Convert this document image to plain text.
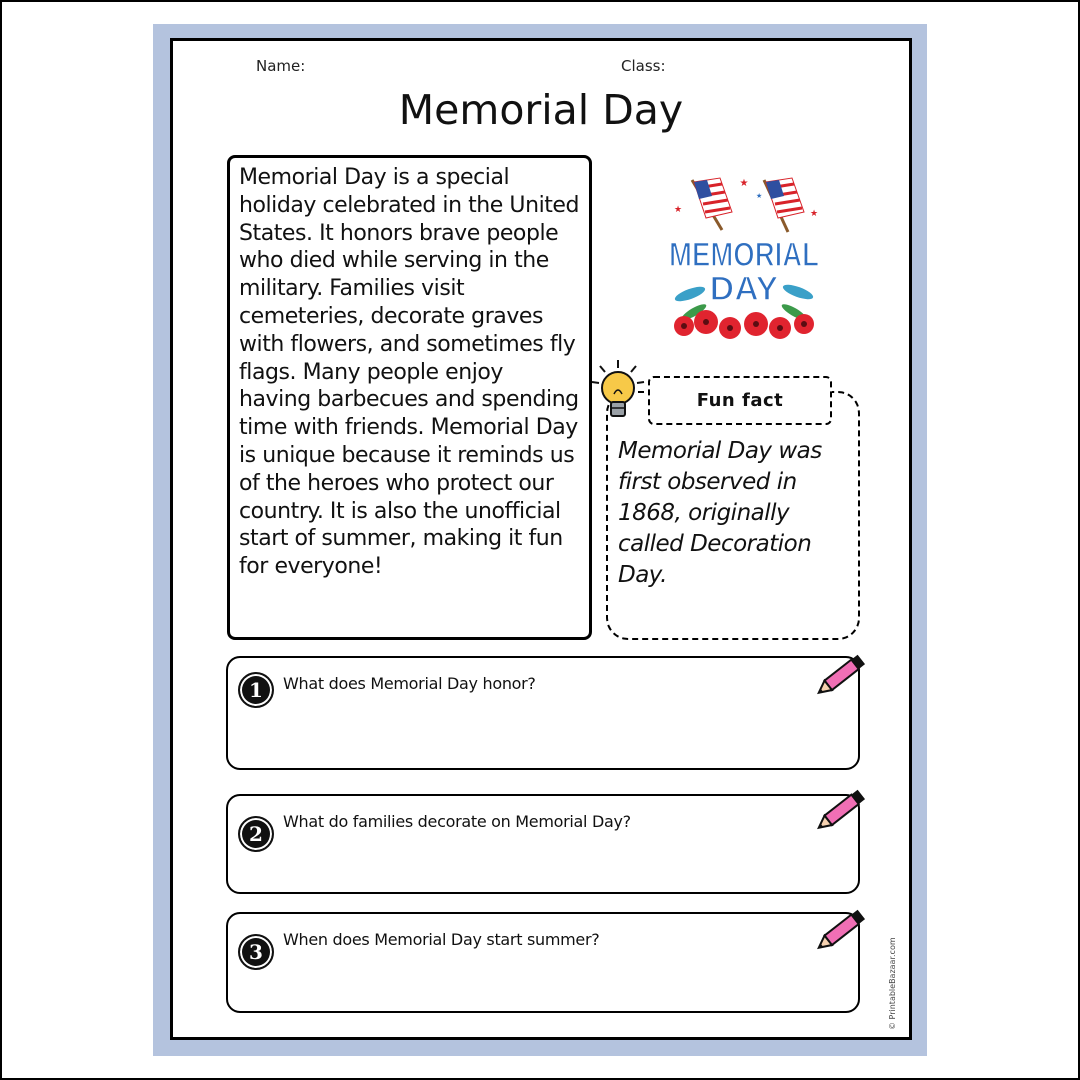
Name:	Class:
Memorial Day

Memorial Day is a special holiday celebrated in the United States. It honors brave people who died while serving in the military. Families visit cemeteries, decorate graves with flowers, and sometimes fly flags. Many people enjoy having barbecues and spending time with friends. Memorial Day is unique because it reminds us of the heroes who protect our country. It is also the unofficial start of summer, making it fun for everyone!

★
★	★
★
MEMORIAL
DAY
Fun fact

Memorial Day was first observed in 1868, originally called Decoration Day.

1
2
3
What does Memorial Day honor?
What do families decorate on Memorial Day?
When does Memorial Day start summer?	© PrintableBazaar.com
